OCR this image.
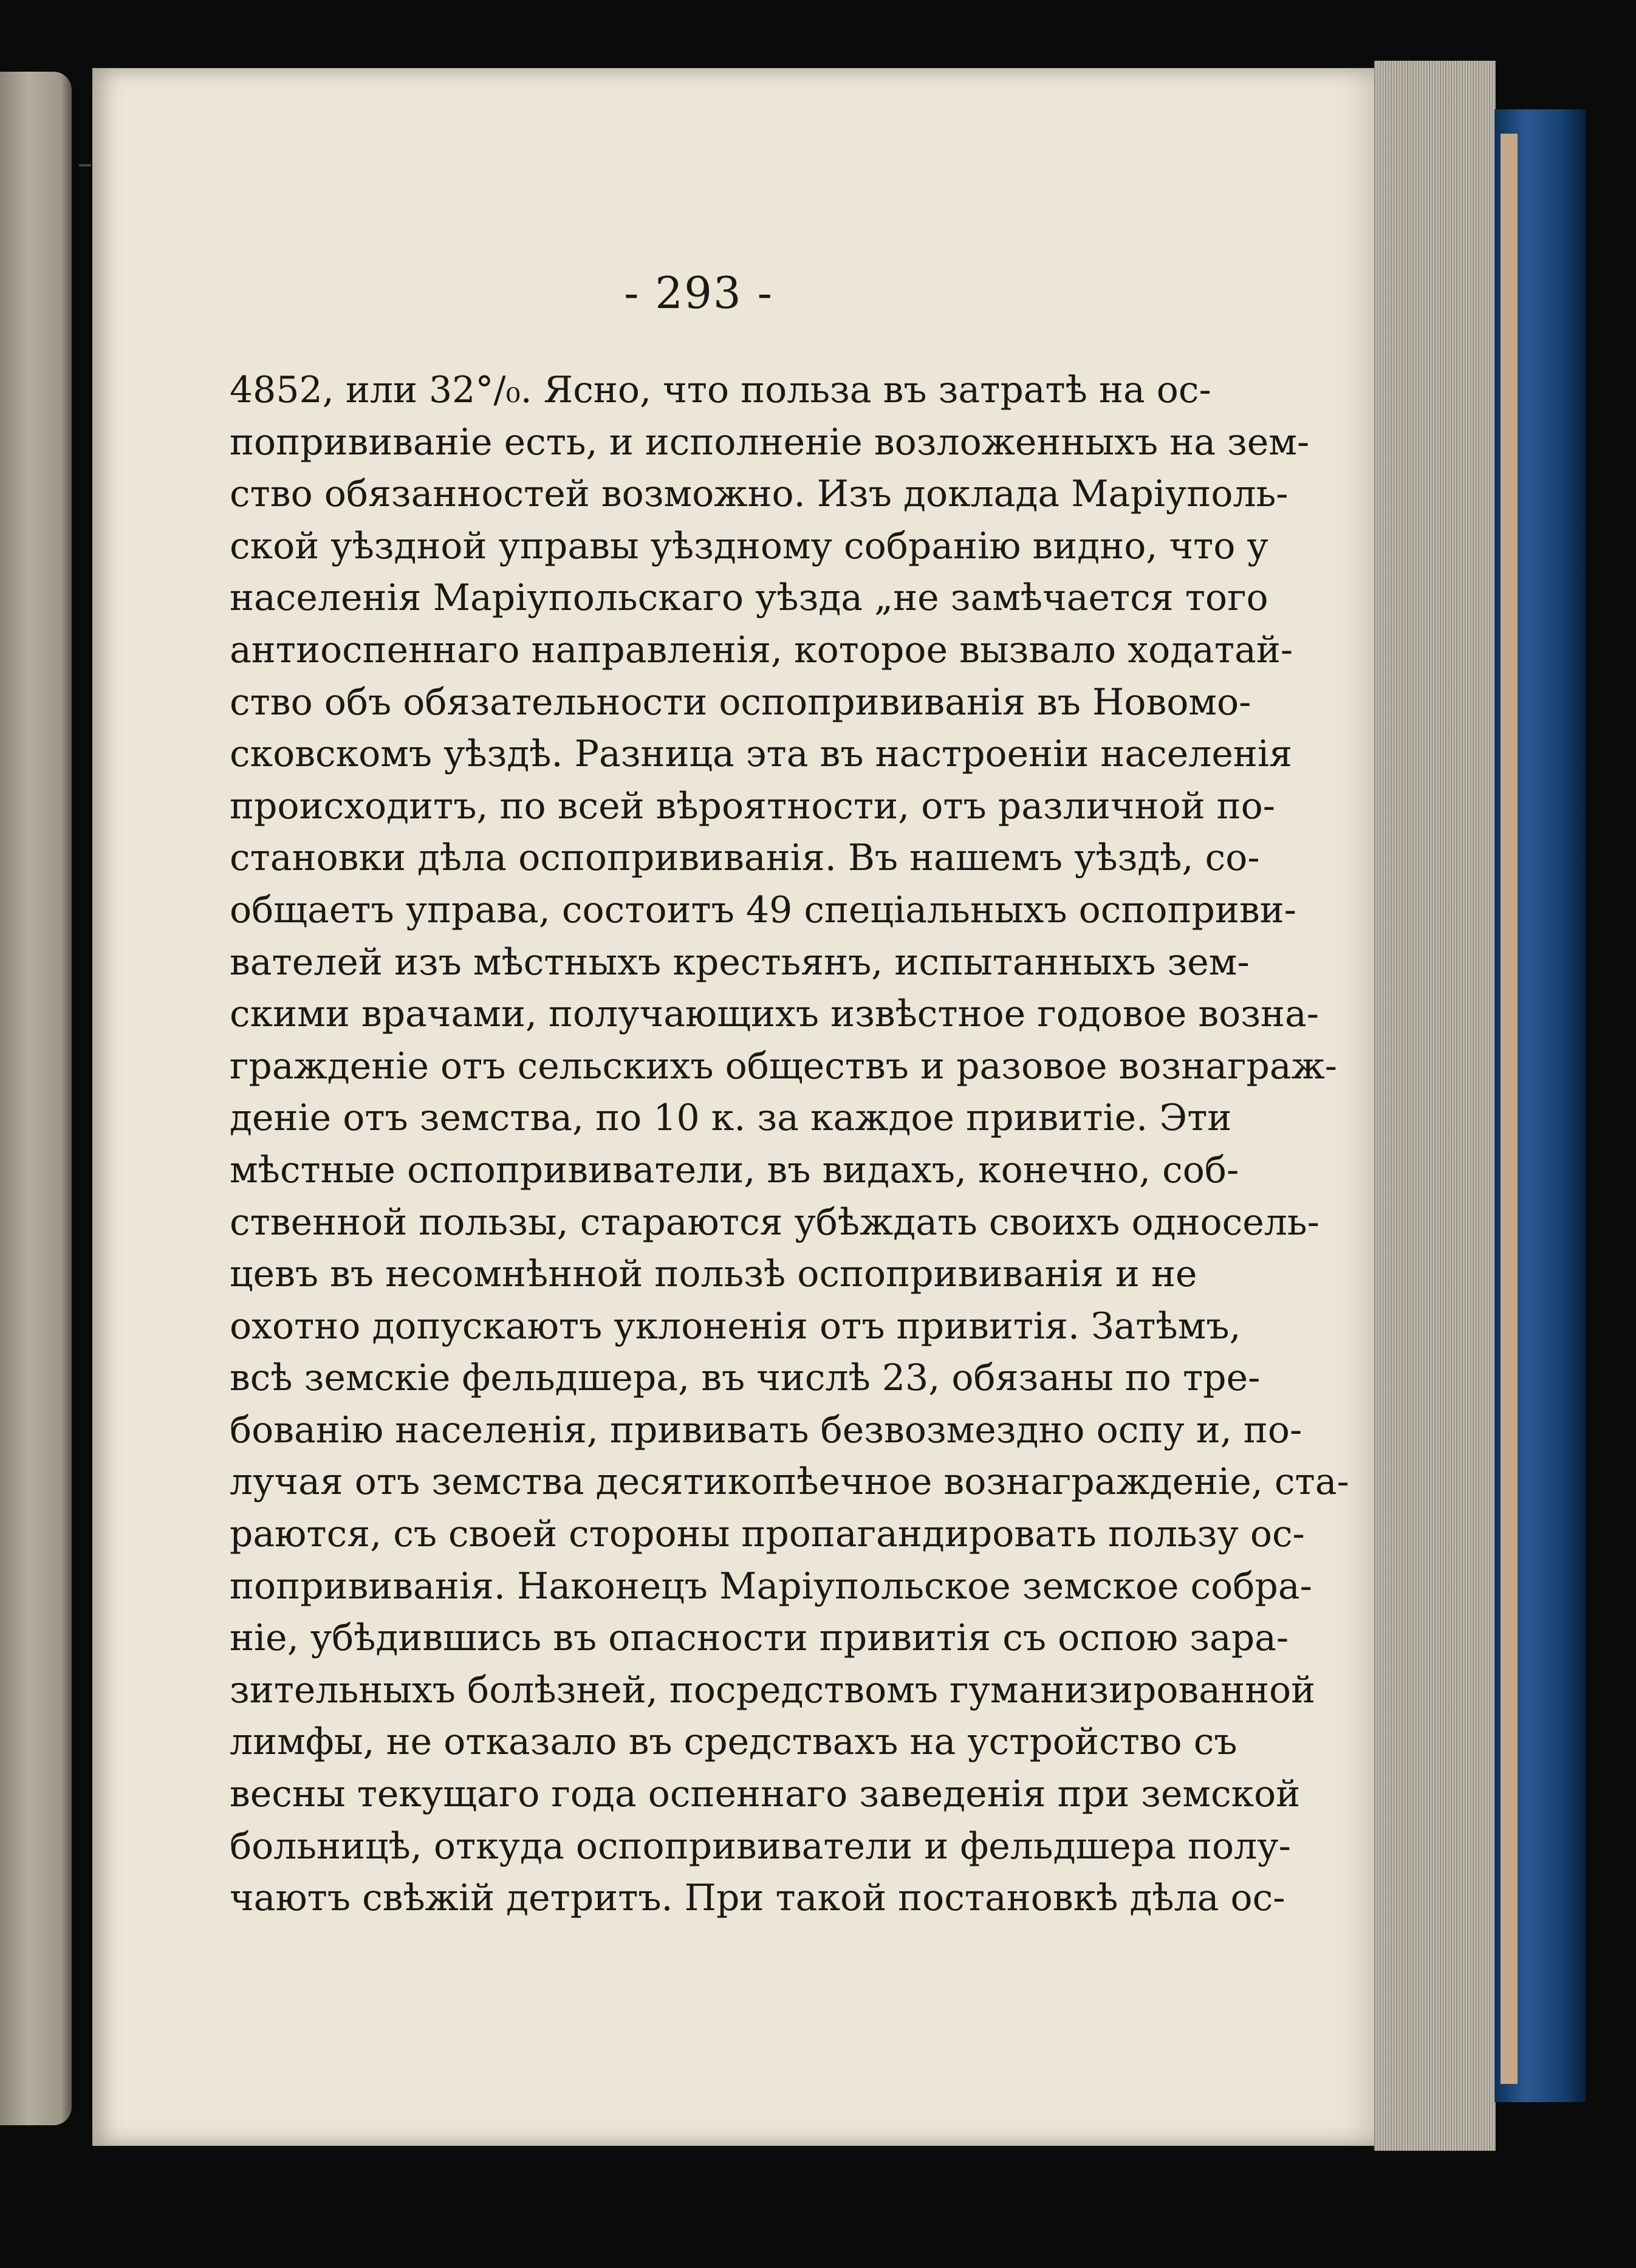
- 293 -
4852, или 32°/₀. Ясно, что польза въ затратѣ на ос-
попрививаніе есть, и исполненіе возложенныхъ на зем-
ство обязанностей возможно. Изъ доклада Маріуполь-
ской уѣздной управы уѣздному собранію видно, что у
населенія Маріупольскаго уѣзда „не замѣчается того
антиоспеннаго направленія, которое вызвало ходатай-
ство объ обязательности оспопрививанія въ Новомо-
сковскомъ уѣздѣ. Разница эта въ настроеніи населенія
происходитъ, по всей вѣроятности, отъ различной по-
становки дѣла оспопрививанія. Въ нашемъ уѣздѣ, со-
общаетъ управа, состоитъ 49 спеціальныхъ оспоприви-
вателей изъ мѣстныхъ крестьянъ, испытанныхъ зем-
скими врачами, получающихъ извѣстное годовое возна-
гражденіе отъ сельскихъ обществъ и разовое вознаграж-
деніе отъ земства, по 10 к. за каждое привитіе. Эти
мѣстные оспопрививатели, въ видахъ, конечно, соб-
ственной пользы, стараются убѣждать своихъ односель-
цевъ въ несомнѣнной пользѣ оспопрививанія и не
охотно допускаютъ уклоненія отъ привитія. Затѣмъ,
всѣ земскіе фельдшера, въ числѣ 23, обязаны по тре-
бованію населенія, прививать безвозмездно оспу и, по-
лучая отъ земства десятикопѣечное вознагражденіе, ста-
раются, съ своей стороны пропагандировать пользу ос-
попрививанія. Наконецъ Маріупольское земское собра-
ніе, убѣдившись въ опасности привитія съ оспою зара-
зительныхъ болѣзней, посредствомъ гуманизированной
лимфы, не отказало въ средствахъ на устройство съ
весны текущаго года оспеннаго заведенія при земской
больницѣ, откуда оспопрививатели и фельдшера полу-
чаютъ свѣжій детритъ. При такой постановкѣ дѣла ос-
